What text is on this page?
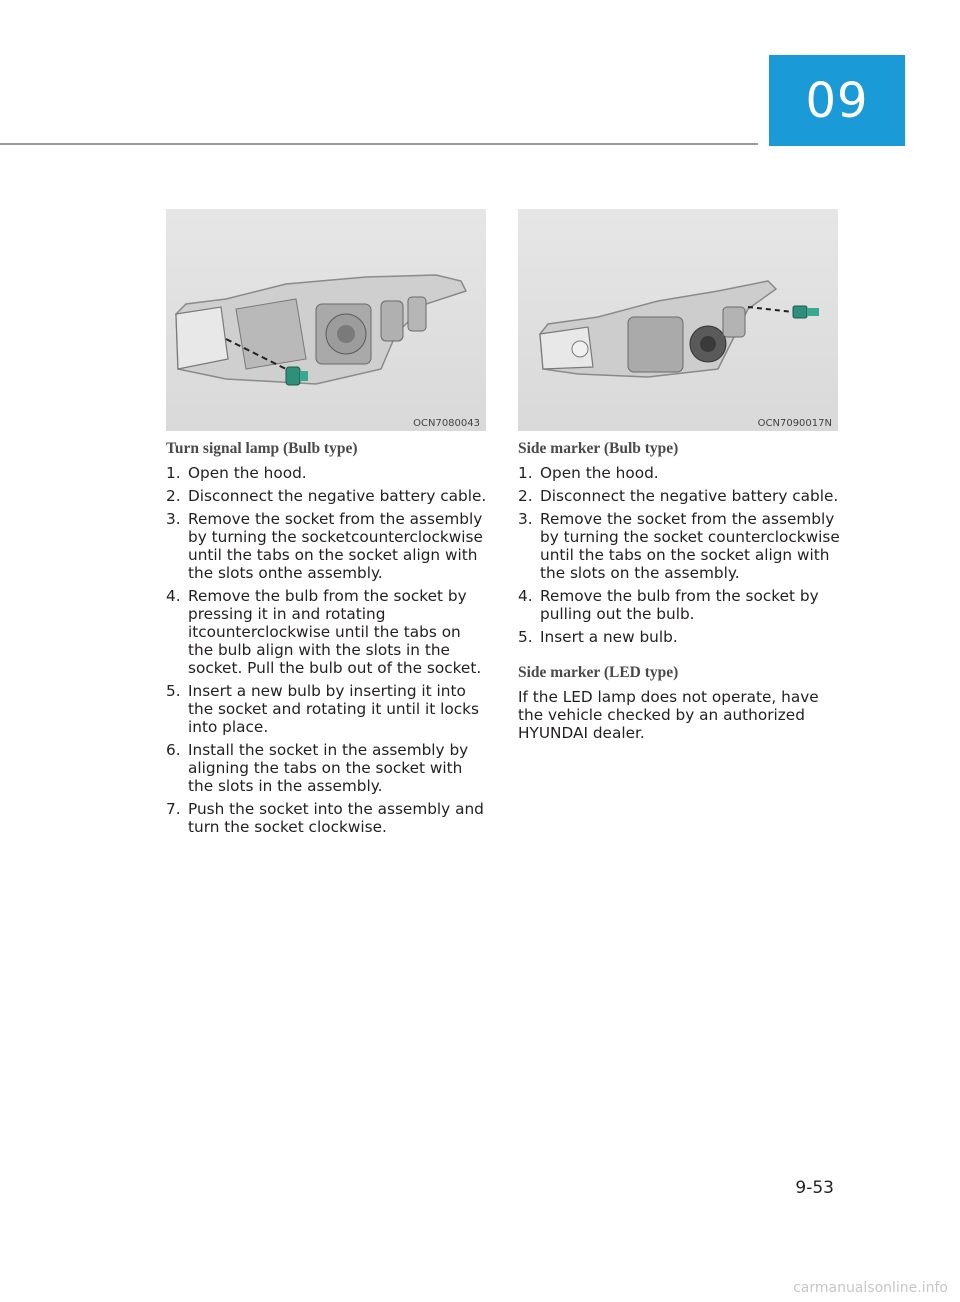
09
OCN7080043	OCN7090017N
Turn signal lamp (Bulb type)
1. Open the hood.
2. Disconnect the negative battery cable.
3. Remove the socket from the assembly by turning the socketcounterclockwise until the tabs on the socket align with the slots onthe assembly.
4. Remove the bulb from the socket by pressing it in and rotating itcounterclockwise until the tabs on the bulb align with the slots in the socket. Pull the bulb out of the socket.
5. Insert a new bulb by inserting it into the socket and rotating it until it locks into place.
6. Install the socket in the assembly by aligning the tabs on the socket with the slots in the assembly.
7. Push the socket into the assembly and turn the socket clockwise.
Side marker (Bulb type)
1. Open the hood.
2. Disconnect the negative battery cable.
3. Remove the socket from the assembly by turning the socket counterclockwise until the tabs on the socket align with the slots on the assembly.
4. Remove the bulb from the socket by pulling out the bulb.
5. Insert a new bulb.
Side marker (LED type)

If the LED lamp does not operate, have the vehicle checked by an authorized HYUNDAI dealer.

9-53
carmanualsonline.info
